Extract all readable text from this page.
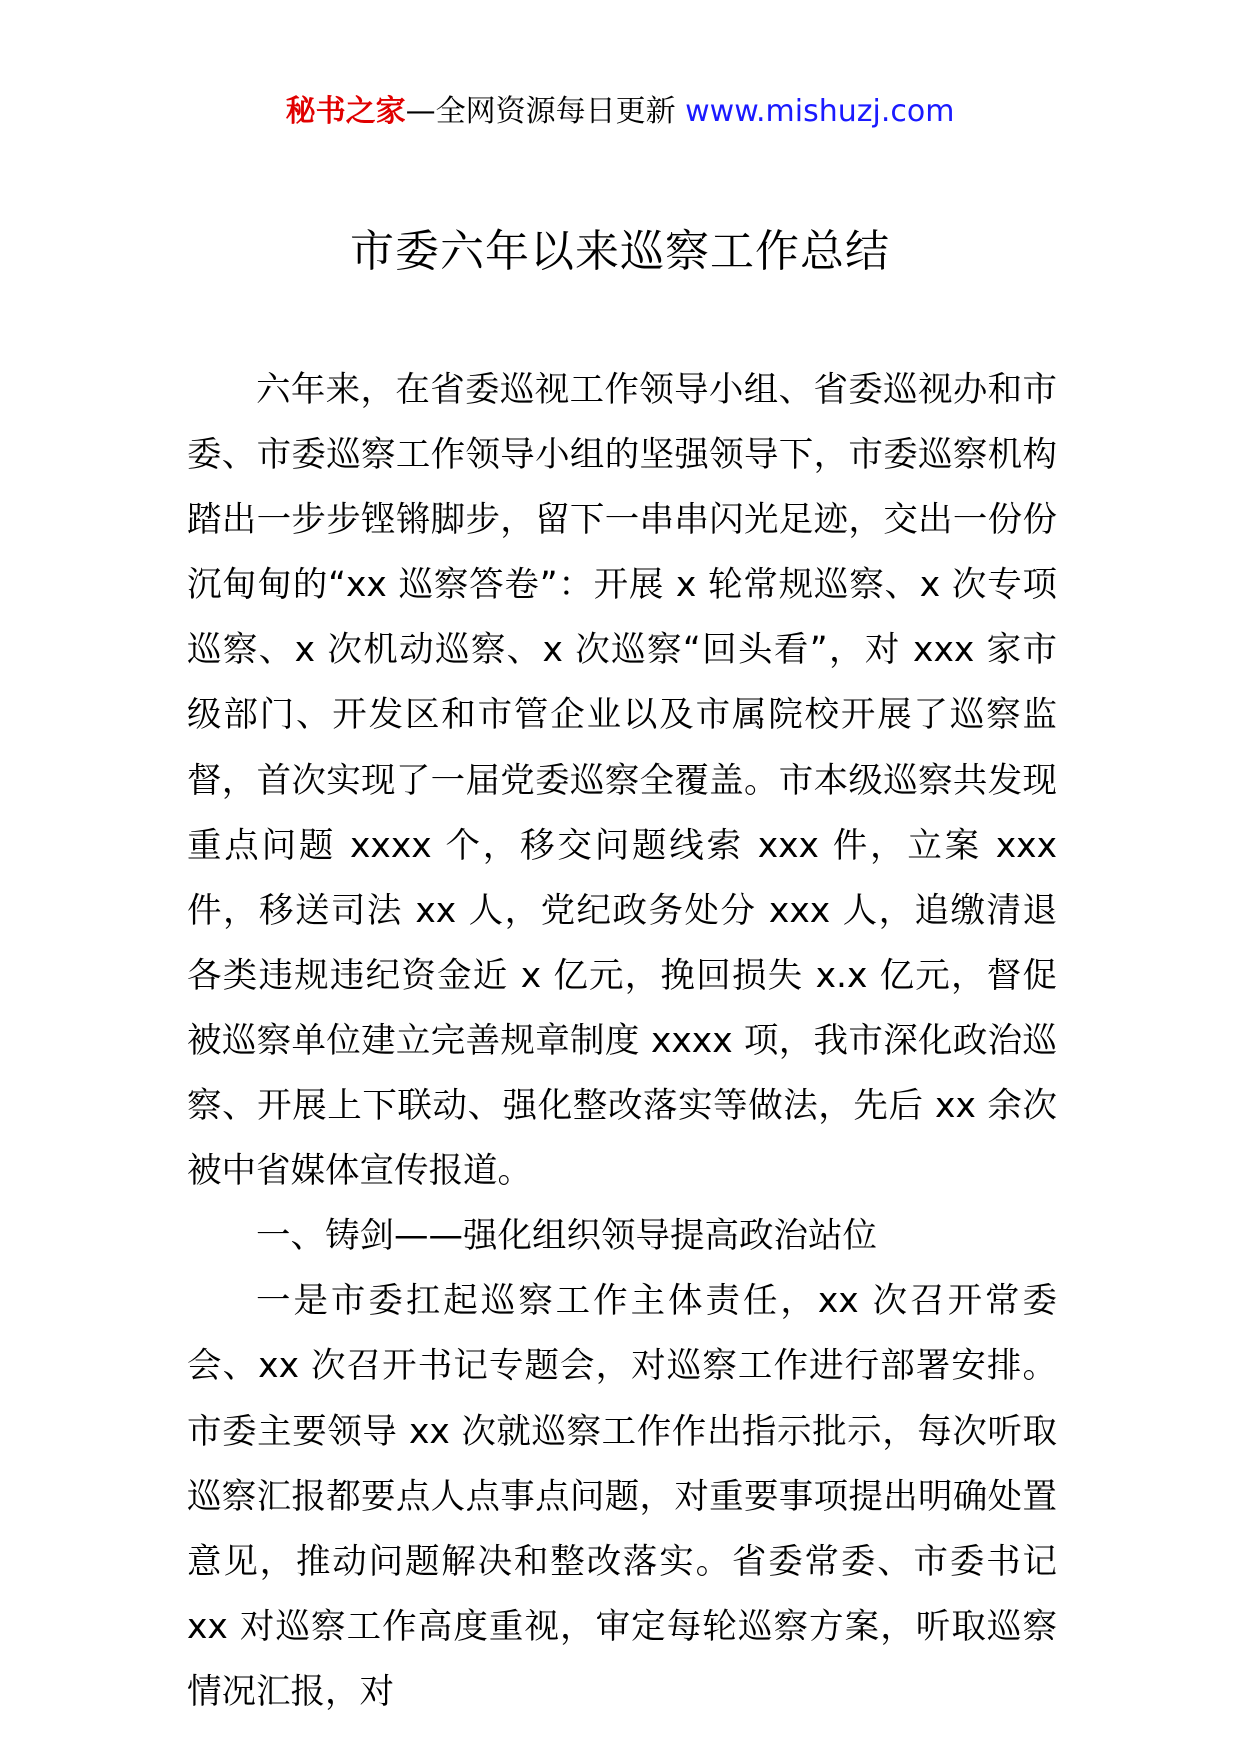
秘书之家—全网资源每日更新 www.mishuzj.com
市委六年以来巡察工作总结

六年来，在省委巡视工作领导小组、省委巡视办和市委、市委巡察工作领导小组的坚强领导下，市委巡察机构踏出一步步铿锵脚步，留下一串串闪光足迹，交出一份份沉甸甸的“xx 巡察答卷”：开展 x 轮常规巡察、x 次专项巡察、x 次机动巡察、x 次巡察“回头看”，对 xxx 家市级部门、开发区和市管企业以及市属院校开展了巡察监督，首次实现了一届党委巡察全覆盖。市本级巡察共发现重点问题 xxxx 个，移交问题线索 xxx 件，立案 xxx 件，移送司法 xx 人，党纪政务处分 xxx 人，追缴清退各类违规违纪资金近 x 亿元，挽回损失 x.x 亿元，督促被巡察单位建立完善规章制度 xxxx 项，我市深化政治巡察、开展上下联动、强化整改落实等做法，先后 xx 余次被中省媒体宣传报道。

一、铸剑——强化组织领导提高政治站位

一是市委扛起巡察工作主体责任，xx 次召开常委会、xx 次召开书记专题会，对巡察工作进行部署安排。市委主要领导 xx 次就巡察工作作出指示批示，每次听取巡察汇报都要点人点事点问题，对重要事项提出明确处置意见，推动问题解决和整改落实。省委常委、市委书记 xx 对巡察工作高度重视，审定每轮巡察方案，听取巡察情况汇报，对
